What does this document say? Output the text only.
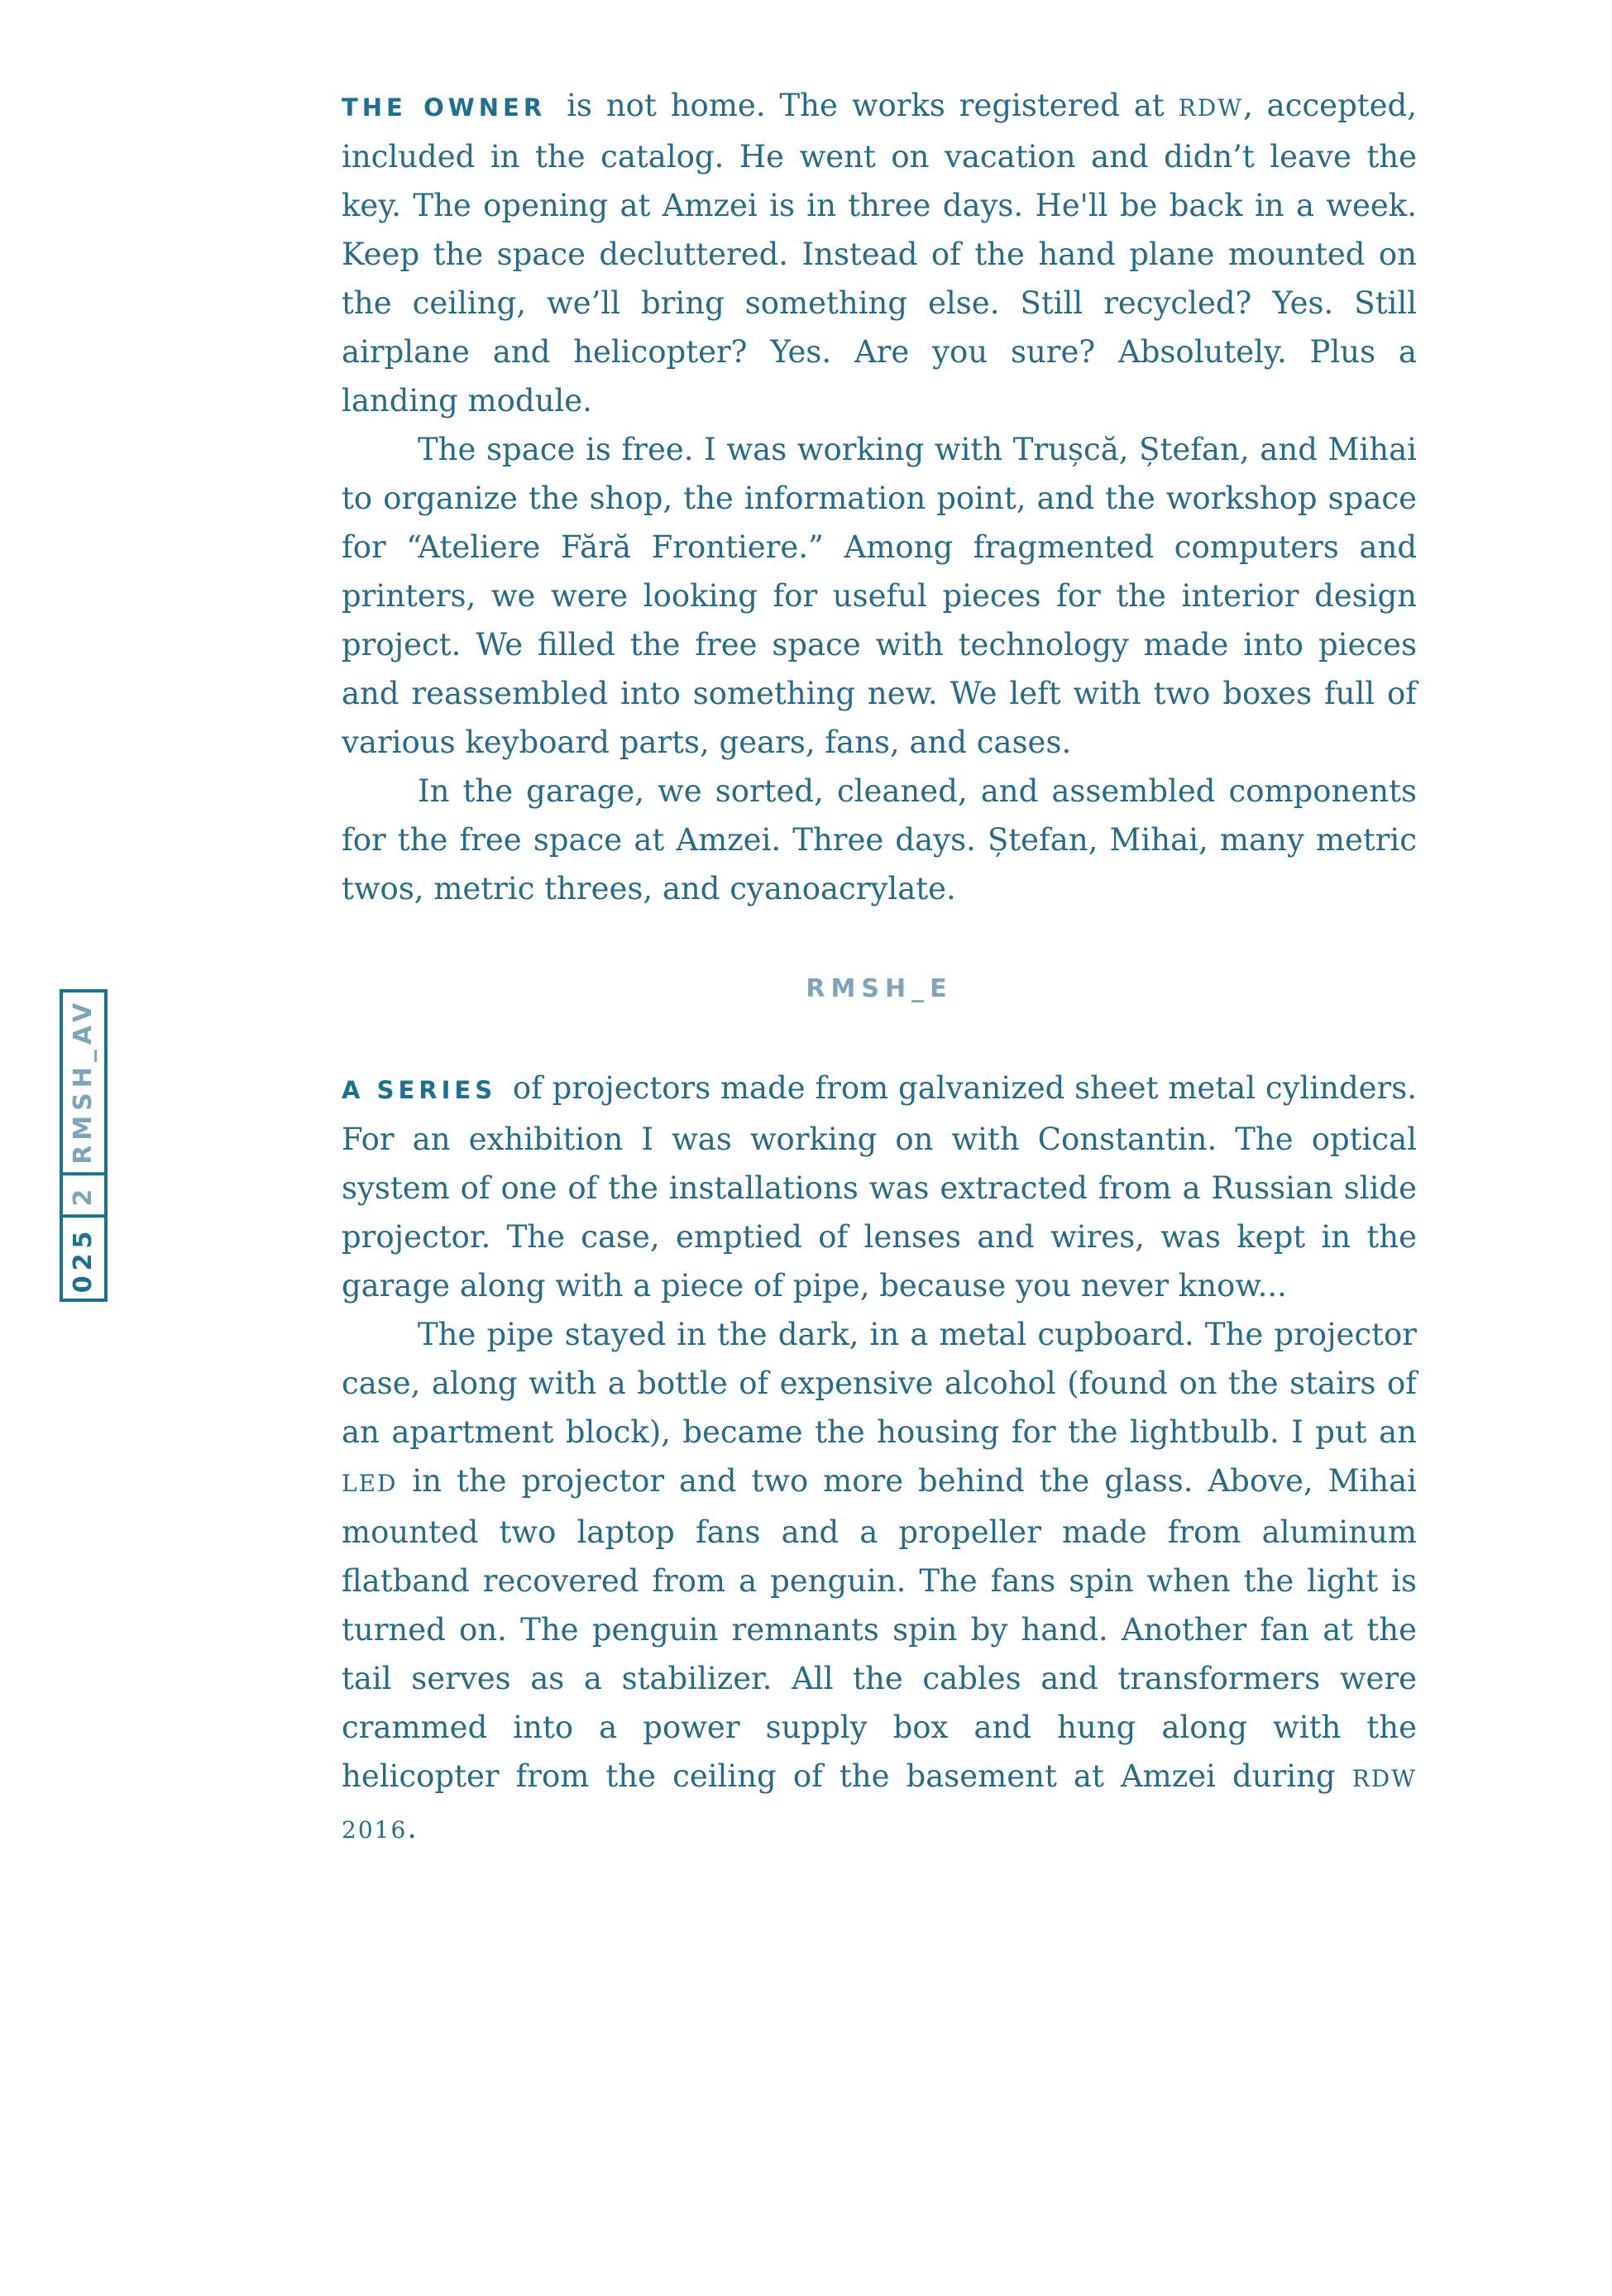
025
2
RMSH_AV

THE OWNER is not home. The works registered at RDW, accepted, included in the catalog. He went on vacation and didn’t leave the key. The opening at Amzei is in three days. He'll be back in a week. Keep the space decluttered. Instead of the hand plane mounted on the ceiling, we’ll bring something else. Still recycled? Yes. Still airplane and helicopter? Yes. Are you sure? Absolutely. Plus a landing module.

The space is free. I was working with Trușcă, Ștefan, and Mihai to organize the shop, the information point, and the workshop space for “Ateliere Fără Frontiere.” Among fragmented computers and printers, we were looking for useful pieces for the interior design project. We filled the free space with technology made into pieces and reassembled into something new. We left with two boxes full of various keyboard parts, gears, fans, and cases.

In the garage, we sorted, cleaned, and assembled components for the free space at Amzei. Three days. Ștefan, Mihai, many metric twos, metric threes, and cyanoacrylate.

RMSH_E

A SERIES of projectors made from galvanized sheet metal cylinders. For an exhibition I was working on with Constantin. The optical system of one of the installations was extracted from a Russian slide projector. The case, emptied of lenses and wires, was kept in the garage along with a piece of pipe, because you never know...

The pipe stayed in the dark, in a metal cupboard. The projector case, along with a bottle of expensive alcohol (found on the stairs of an apartment block), became the housing for the lightbulb. I put an LED in the projector and two more behind the glass. Above, Mihai mounted two laptop fans and a propeller made from aluminum flatband recovered from a penguin. The fans spin when the light is turned on. The penguin remnants spin by hand. Another fan at the tail serves as a stabilizer. All the cables and transformers were crammed into a power supply box and hung along with the helicopter from the ceiling of the basement at Amzei during RDW 2016.
